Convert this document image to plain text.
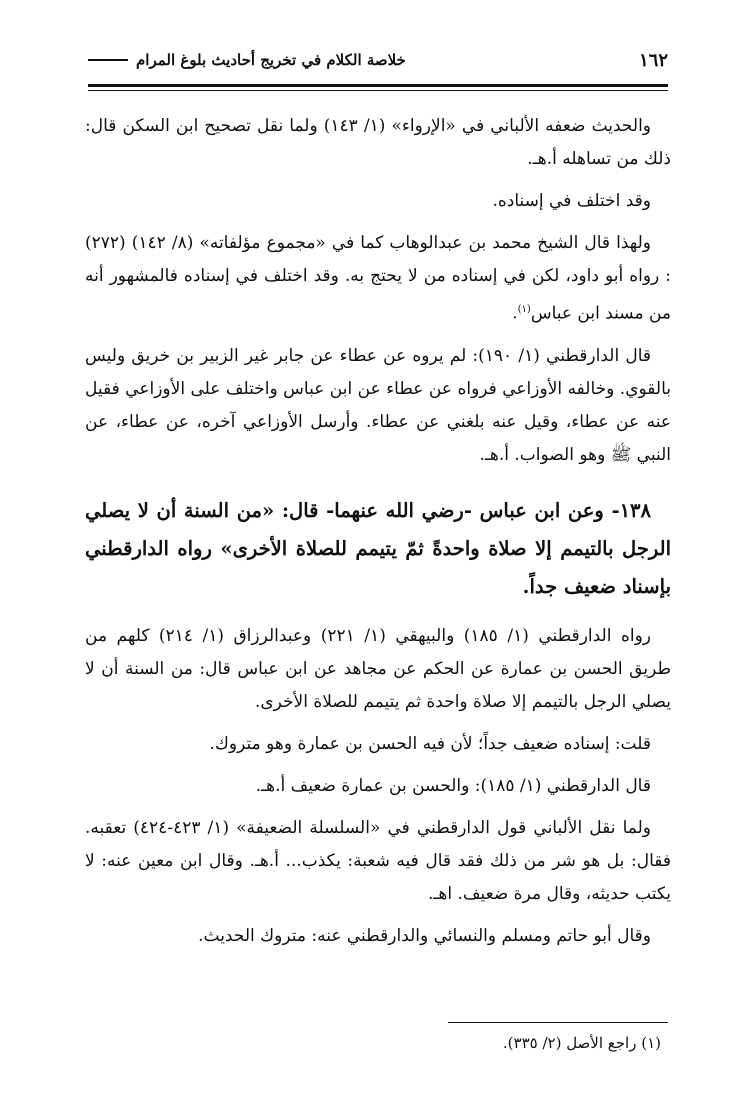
١٦٢
خلاصة الكلام في تخريج أحاديث بلوغ المرام

والحديث ضعفه الألباني في «الإرواء» (١/ ١٤٣) ولما نقل تصحيح ابن السكن قال: ذلك من تساهله أ.هـ.

وقد اختلف في إسناده.

ولهذا قال الشيخ محمد بن عبدالوهاب كما في «مجموع مؤلفاته» (٨/ ١٤٢) (٢٧٢) : رواه أبو داود، لكن في إسناده من لا يحتج به. وقد اختلف في إسناده فالمشهور أنه من مسند ابن عباس$^{(١)}$.

قال الدارقطني (١/ ١٩٠): لم يروه عن عطاء عن جابر غير الزبير بن خريق وليس بالقوي. وخالفه الأوزاعي فرواه عن عطاء عن ابن عباس واختلف على الأوزاعي فقيل عنه عن عطاء، وقيل عنه بلغني عن عطاء. وأرسل الأوزاعي آخره، عن عطاء، عن النبي ﷺ وهو الصواب. أ.هـ.

١٣٨- وعن ابن عباس -رضي الله عنهما- قال: «من السنة أن لا يصلي الرجل بالتيمم إلا صلاة واحدةً ثمّ يتيمم للصلاة الأخرى» رواه الدارقطني بإسناد ضعيف جداً.

رواه الدارقطني (١/ ١٨٥) والبيهقي (١/ ٢٢١) وعبدالرزاق (١/ ٢١٤) كلهم من طريق الحسن بن عمارة عن الحكم عن مجاهد عن ابن عباس قال: من السنة أن لا يصلي الرجل بالتيمم إلا صلاة واحدة ثم يتيمم للصلاة الأخرى.

قلت: إسناده ضعيف جداً؛ لأن فيه الحسن بن عمارة وهو متروك.

قال الدارقطني (١/ ١٨٥): والحسن بن عمارة ضعيف أ.هـ.

ولما نقل الألباني قول الدارقطني في «السلسلة الضعيفة» (١/ ٤٢٣-٤٢٤) تعقبه. فقال: بل هو شر من ذلك فقد قال فيه شعبة: يكذب... أ.هـ. وقال ابن معين عنه: لا يكتب حديثه، وقال مرة ضعيف. اهـ.

وقال أبو حاتم ومسلم والنسائي والدارقطني عنه: متروك الحديث.

(١) راجع الأصل (٢/ ٣٣٥).
